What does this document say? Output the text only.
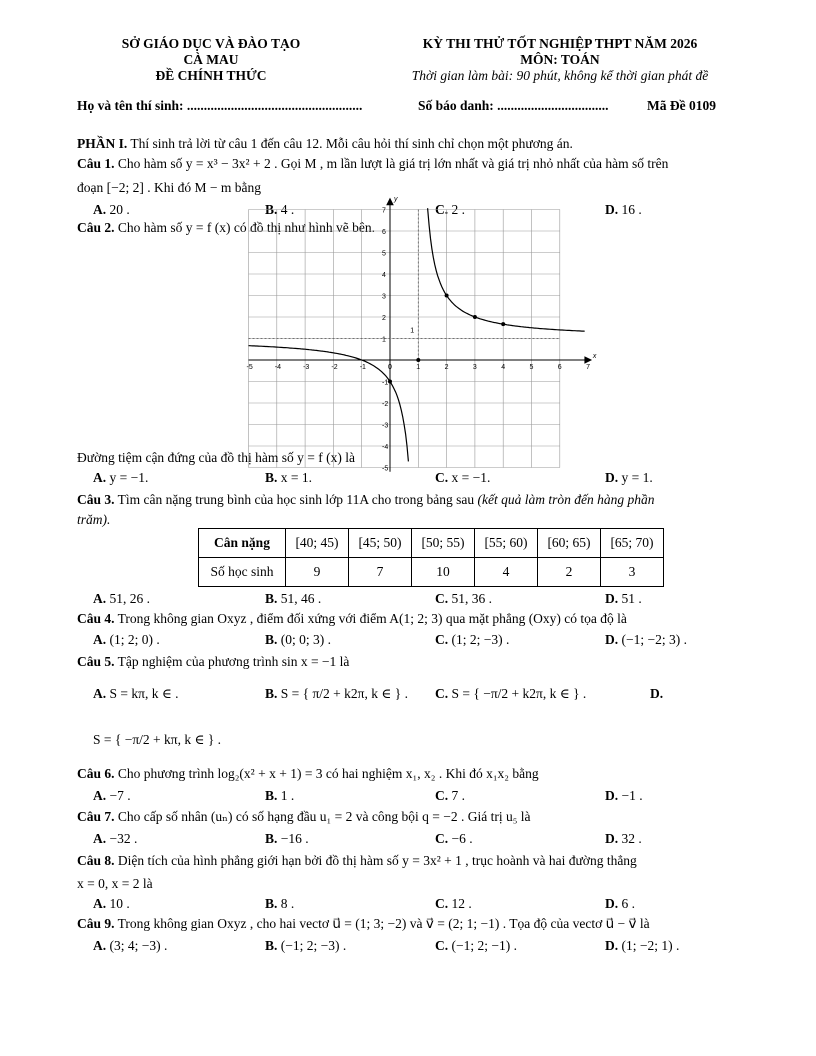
SỞ GIÁO DỤC VÀ ĐÀO TẠO
CÀ MAU
ĐỀ CHÍNH THỨC
KỲ THI THỬ TỐT NGHIỆP THPT NĂM 2026
MÔN: TOÁN
Thời gian làm bài: 90 phút, không kể thời gian phát đề
Họ và tên thí sinh: ....................................................	Số báo danh: .................................	Mã Đề 0109
PHẦN I. Thí sinh trả lời từ câu 1 đến câu 12. Mỗi câu hỏi thí sinh chỉ chọn một phương án.
Câu 1. Cho hàm số y = x³ − 3x² + 2 . Gọi M , m lần lượt là giá trị lớn nhất và giá trị nhỏ nhất của hàm số trên
đoạn [−2; 2] . Khi đó M − m bằng
A. 20 .	B. 4 .	C. 2 .	D. 16 .
Câu 2. Cho hàm số y = f (x) có đồ thị như hình vẽ bên.
-5	-4	-3	-2	-1	0	1	2	3	4	5	6	7
7
6
5
4
3
2
1
-1
-2
-3
-4
-5
x
y
1
Đường tiệm cận đứng của đồ thị hàm số y = f (x) là
A. y = −1.	B. x = 1.	C. x = −1.	D. y = 1.
Câu 3. Tìm cân nặng trung bình của học sinh lớp 11A cho trong bảng sau (kết quả làm tròn đến hàng phần
trăm).
Cân nặng	[40; 45)	[45; 50)	[50; 55)	[55; 60)	[60; 65)	[65; 70)
Số học sinh	9	7	10	4	2	3
A. 51, 26 .	B. 51, 46 .	C. 51, 36 .	D. 51 .
Câu 4. Trong không gian Oxyz , điểm đối xứng với điểm A(1; 2; 3) qua mặt phẳng (Oxy) có tọa độ là
A. (1; 2; 0) .	B. (0; 0; 3) .	C. (1; 2; −3) .	D. (−1; −2; 3) .
Câu 5. Tập nghiệm của phương trình sin x = −1 là
A. S = kπ, k ∈ .	B. S = { π/2 + k2π, k ∈ } . C. S = { −π/2 + k2π, k ∈ } .	D.
S = { −π/2 + kπ, k ∈ } .
Câu 6. Cho phương trình log₂(x² + x + 1) = 3 có hai nghiệm x₁, x₂ . Khi đó x₁x₂ bằng
A. −7 .	B. 1 .	C. 7 .	D. −1 .
Câu 7. Cho cấp số nhân (uₙ) có số hạng đầu u₁ = 2 và công bội q = −2 . Giá trị u₅ là
A. −32 .	B. −16 .	C. −6 .	D. 32 .
Câu 8. Diện tích của hình phẳng giới hạn bởi đồ thị hàm số y = 3x² + 1 , trục hoành và hai đường thẳng
x = 0, x = 2 là
A. 10 .	B. 8 .	C. 12 .	D. 6 .
Câu 9. Trong không gian Oxyz , cho hai vectơ u⃗ = (1; 3; −2) và v⃗ = (2; 1; −1) . Tọa độ của vectơ u⃗ − v⃗ là
A. (3; 4; −3) .	B. (−1; 2; −3) .	C. (−1; 2; −1) .	D. (1; −2; 1) .
